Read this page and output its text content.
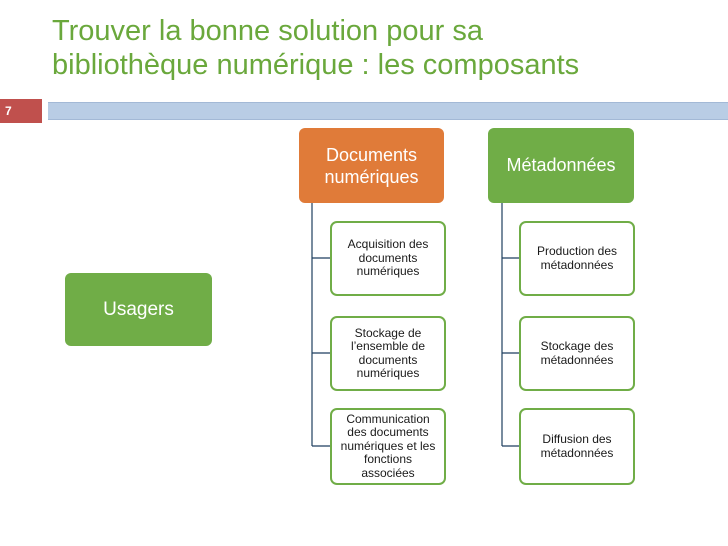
Trouver la bonne solution pour sa
bibliothèque numérique : les composants
7
Usagers
Documents
numériques
Métadonnées
Acquisition des
documents
numériques
Stockage de
l’ensemble de
documents
numériques
Communication
des documents
numériques et les
fonctions
associées
Production des
métadonnées
Stockage des
métadonnées
Diffusion des
métadonnées
